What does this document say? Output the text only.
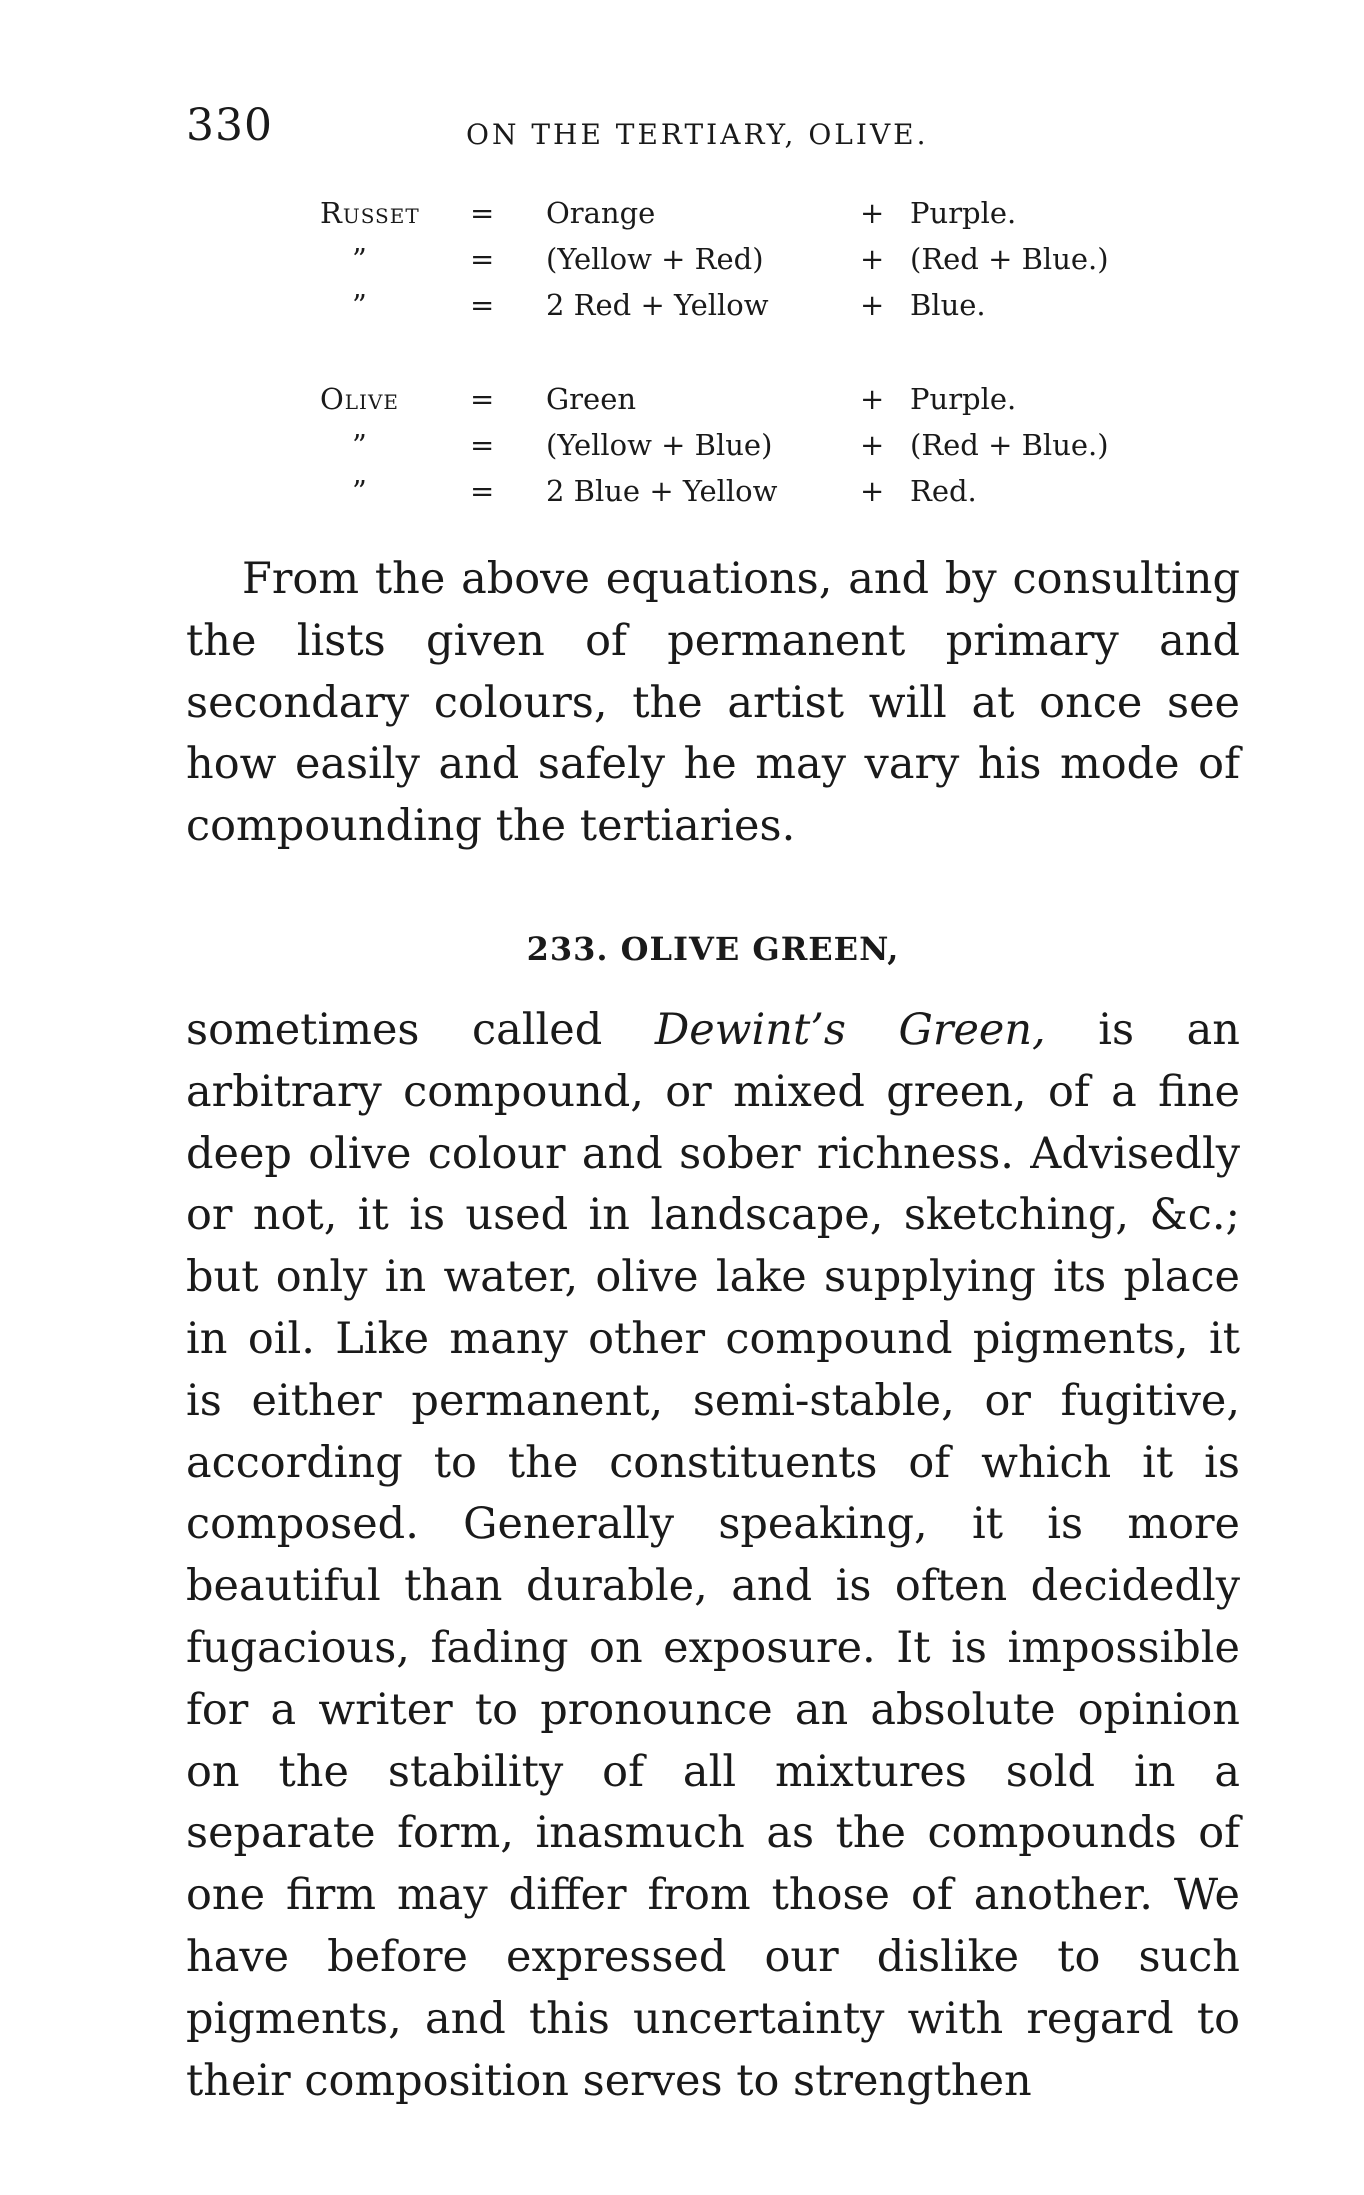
330	ON THE TERTIARY, OLIVE.
Russet	= Orange	+ Purple.
”	= (Yellow + Red)	+ (Red + Blue.)
”	= 2 Red + Yellow	+ Blue.
Olive	= Green	+ Purple.
”	= (Yellow + Blue)	+ (Red + Blue.)
”	= 2 Blue + Yellow	+ Red.

From the above equations, and by consulting the lists given of permanent primary and secondary colours, the artist will at once see how easily and safely he may vary his mode of compounding the tertiaries.

233. OLIVE GREEN,

sometimes called Dewint’s Green, is an arbitrary compound, or mixed green, of a fine deep olive colour and sober richness. Advisedly or not, it is used in landscape, sketching, &c.; but only in water, olive lake supplying its place in oil. Like many other compound pigments, it is either permanent, semi-stable, or fugitive, according to the constituents of which it is composed. Generally speaking, it is more beautiful than durable, and is often decidedly fugacious, fading on exposure. It is impossible for a writer to pronounce an absolute opinion on the stability of all mixtures sold in a separate form, inasmuch as the compounds of one firm may differ from those of another. We have before expressed our dislike to such pigments, and this uncertainty with regard to their composition serves to strengthen
